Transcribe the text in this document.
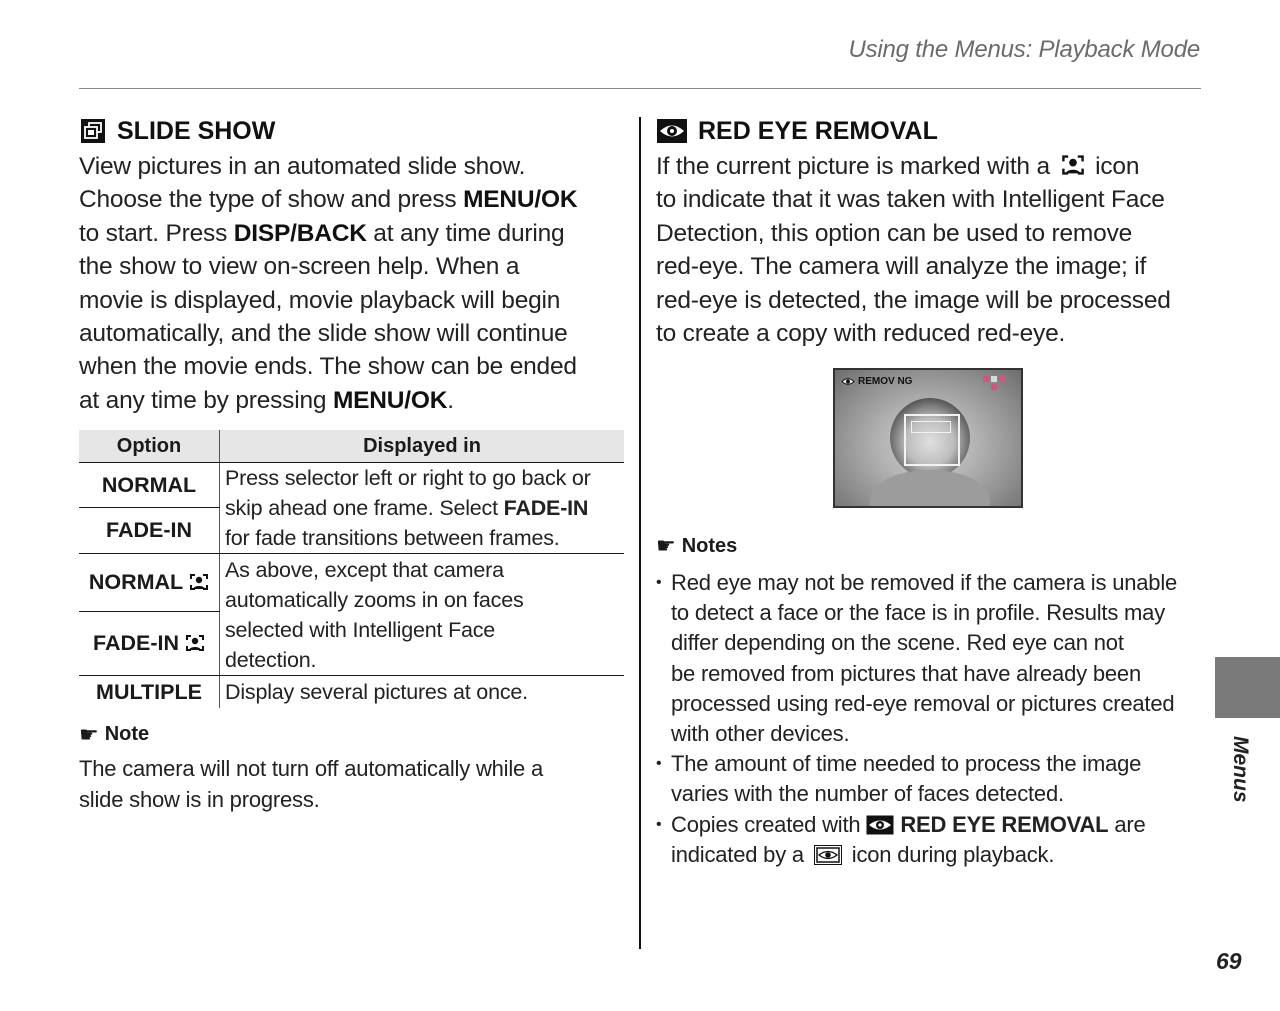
Using the Menus: Playback Mode
SLIDE SHOW
View pictures in an automated slide show.
Choose the type of show and press MENU/OK
to start. Press DISP/BACK at any time during
the show to view on-screen help. When a
movie is displayed, movie playback will begin
automatically, and the slide show will continue
when the movie ends. The show can be ended
at any time by pressing MENU/OK.
Option	Displayed in
NORMAL	Press selector left or right to go back or
skip ahead one frame. Select FADE-IN
for fade transitions between frames.

FADE-IN	
NORMAL	As above, except that camera
automatically zooms in on faces
selected with Intelligent Face
detection.

FADE-IN	
MULTIPLE	Display several pictures at once.
☛ Note
The camera will not turn off automatically while a
slide show is in progress.
RED EYE REMOVAL
If the current picture is marked with a  icon
to indicate that it was taken with Intelligent Face
Detection, this option can be used to remove
red-eye. The camera will analyze the image; if
red-eye is detected, the image will be processed
to create a copy with reduced red-eye.
REMOV NG
☛ Notes
• Red eye may not be removed if the camera is unable
to detect a face or the face is in profile. Results may
differ depending on the scene. Red eye can not
be removed from pictures that have already been
processed using red-eye removal or pictures created
with other devices.
• The amount of time needed to process the image
varies with the number of faces detected.
• Copies created with RED EYE REMOVAL are
indicated by a  icon during playback.
Menus
69
